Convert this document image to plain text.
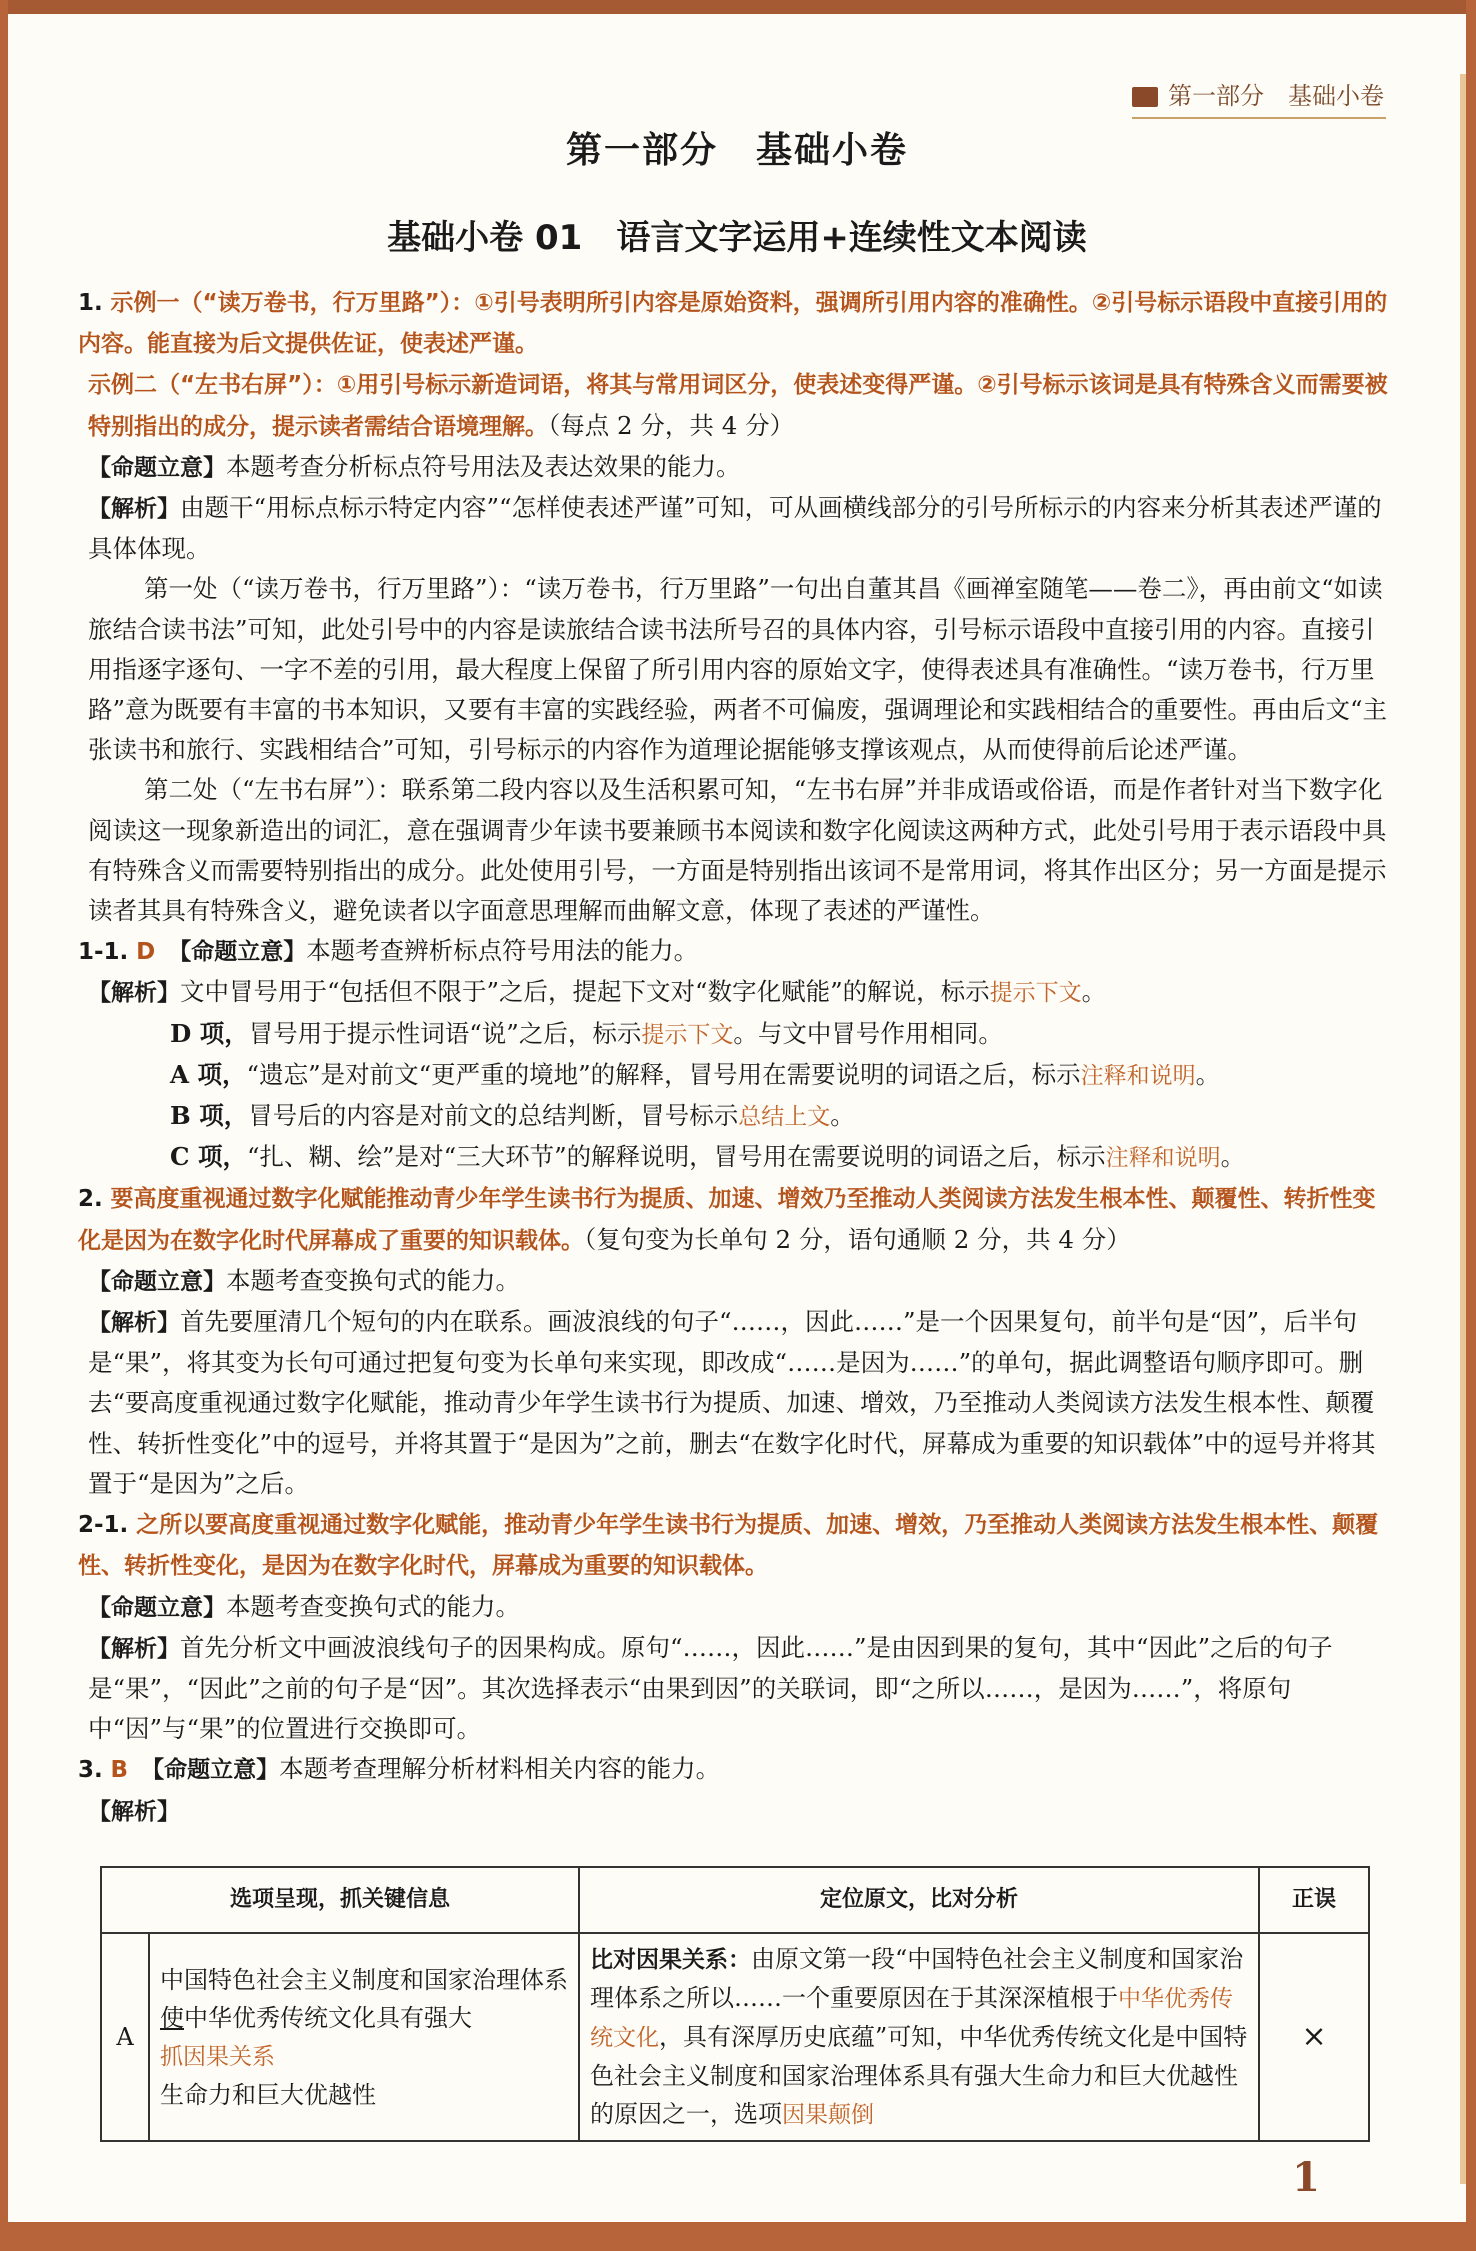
第一部分 基础小卷
第一部分　基础小卷
基础小卷 01　语言文字运用+连续性文本阅读

1. 示例一（“读万卷书，行万里路”）：①引号表明所引内容是原始资料，强调所引用内容的准确性。②引号标示语段中直接引用的内容。能直接为后文提供佐证，使表述严谨。

示例二（“左书右屏”）：①用引号标示新造词语，将其与常用词区分，使表述变得严谨。②引号标示该词是具有特殊含义而需要被特别指出的成分，提示读者需结合语境理解。（每点 2 分，共 4 分）

【命题立意】本题考查分析标点符号用法及表达效果的能力。

【解析】由题干“用标点标示特定内容”“怎样使表述严谨”可知，可从画横线部分的引号所标示的内容来分析其表述严谨的具体体现。

第一处（“读万卷书，行万里路”）：“读万卷书，行万里路”一句出自董其昌《画禅室随笔——卷二》，再由前文“如读旅结合读书法”可知，此处引号中的内容是读旅结合读书法所号召的具体内容，引号标示语段中直接引用的内容。直接引用指逐字逐句、一字不差的引用，最大程度上保留了所引用内容的原始文字，使得表述具有准确性。“读万卷书，行万里路”意为既要有丰富的书本知识，又要有丰富的实践经验，两者不可偏废，强调理论和实践相结合的重要性。再由后文“主张读书和旅行、实践相结合”可知，引号标示的内容作为道理论据能够支撑该观点，从而使得前后论述严谨。

第二处（“左书右屏”）：联系第二段内容以及生活积累可知，“左书右屏”并非成语或俗语，而是作者针对当下数字化阅读这一现象新造出的词汇，意在强调青少年读书要兼顾书本阅读和数字化阅读这两种方式，此处引号用于表示语段中具有特殊含义而需要特别指出的成分。此处使用引号，一方面是特别指出该词不是常用词，将其作出区分；另一方面是提示读者其具有特殊含义，避免读者以字面意思理解而曲解文意，体现了表述的严谨性。

1-1. D　 【命题立意】本题考查辨析标点符号用法的能力。

【解析】文中冒号用于“包括但不限于”之后，提起下文对“数字化赋能”的解说，标示提示下文。

D 项，冒号用于提示性词语“说”之后，标示提示下文。与文中冒号作用相同。

A 项，“遗忘”是对前文“更严重的境地”的解释，冒号用在需要说明的词语之后，标示注释和说明。

B 项，冒号后的内容是对前文的总结判断，冒号标示总结上文。

C 项，“扎、糊、绘”是对“三大环节”的解释说明，冒号用在需要说明的词语之后，标示注释和说明。

2. 要高度重视通过数字化赋能推动青少年学生读书行为提质、加速、增效乃至推动人类阅读方法发生根本性、颠覆性、转折性变化是因为在数字化时代屏幕成了重要的知识载体。（复句变为长单句 2 分，语句通顺 2 分，共 4 分）

【命题立意】本题考查变换句式的能力。

【解析】首先要厘清几个短句的内在联系。画波浪线的句子“……，因此……”是一个因果复句，前半句是“因”，后半句是“果”，将其变为长句可通过把复句变为长单句来实现，即改成“……是因为……”的单句，据此调整语句顺序即可。删去“要高度重视通过数字化赋能，推动青少年学生读书行为提质、加速、增效，乃至推动人类阅读方法发生根本性、颠覆性、转折性变化”中的逗号，并将其置于“是因为”之前，删去“在数字化时代，屏幕成为重要的知识载体”中的逗号并将其置于“是因为”之后。

2-1. 之所以要高度重视通过数字化赋能，推动青少年学生读书行为提质、加速、增效，乃至推动人类阅读方法发生根本性、颠覆性、转折性变化，是因为在数字化时代，屏幕成为重要的知识载体。

【命题立意】本题考查变换句式的能力。

【解析】首先分析文中画波浪线句子的因果构成。原句“……，因此……”是由因到果的复句，其中“因此”之后的句子是“果”，“因此”之前的句子是“因”。其次选择表示“由果到因”的关联词，即“之所以……，是因为……”，将原句中“因”与“果”的位置进行交换即可。

3. B　 【命题立意】本题考查理解分析材料相关内容的能力。

【解析】

选项呈现，抓关键信息		定位原文，比对分析	正误
A	中国特色社会主义制度和国家治理体系使中华优秀传统文化具有强大
抓因果关系
生命力和巨大优越性	比对因果关系：由原文第一段“中国特色社会主义制度和国家治理体系之所以……一个重要原因在于其深深植根于中华优秀传统文化，具有深厚历史底蕴”可知，中华优秀传统文化是中国特色社会主义制度和国家治理体系具有强大生命力和巨大优越性的原因之一，选项因果颠倒	×
1
